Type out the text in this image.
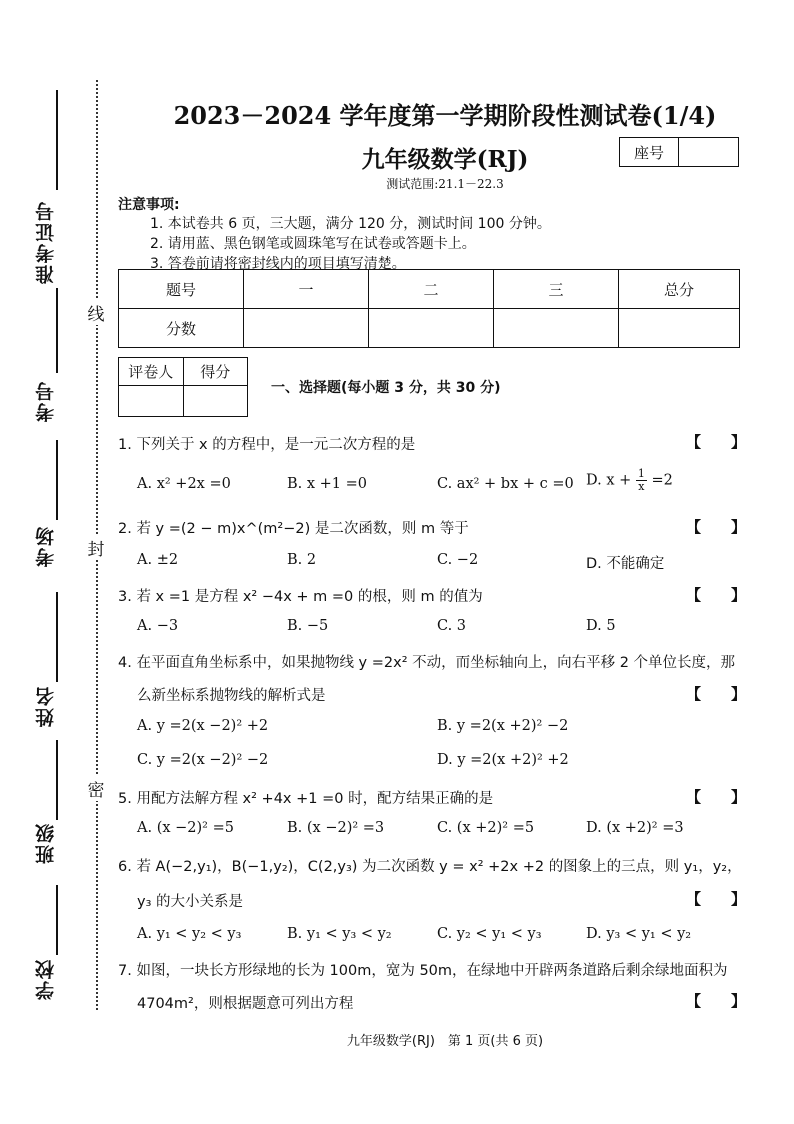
准考证号
考号
考场
姓名
班级
学校
线
封
密
2023－2024 学年度第一学期阶段性测试卷(1/4)
九年级数学(RJ)
测试范围:21.1－22.3
座号
注意事项:
1. 本试卷共 6 页，三大题，满分 120 分，测试时间 100 分钟。
2. 请用蓝、黑色钢笔或圆珠笔写在试卷或答题卡上。
3. 答卷前请将密封线内的项目填写清楚。
题号	一	二	三	总分
分数				
评卷人	得分

一、选择题(每小题 3 分，共 30 分)
1. 下列关于 x 的方程中，是一元二次方程的是	【　　】
A. x² +2x =0	B. x +1 =0	C. ax² + bx + c =0 D. $x + \frac{1}{x} =2$
2. 若 y =(2 − m)x^(m²−2) 是二次函数，则 m 等于	【　　】
A. ±2	B. 2	C. −2	D. 不能确定
3. 若 x =1 是方程 x² −4x + m =0 的根，则 m 的值为	【　　】
A. −3	B. −5	C. 3	D. 5
4. 在平面直角坐标系中，如果抛物线 y =2x² 不动，而坐标轴向上，向右平移 2 个单位长度，那
么新坐标系抛物线的解析式是	【　　】
A. y =2(x −2)² +2	B. y =2(x +2)² −2
C. y =2(x −2)² −2	D. y =2(x +2)² +2
5. 用配方法解方程 x² +4x +1 =0 时，配方结果正确的是	【　　】
A. (x −2)² =5	B. (x −2)² =3	C. (x +2)² =5	D. (x +2)² =3
6. 若 A(−2,y₁)，B(−1,y₂)，C(2,y₃) 为二次函数 y = x² +2x +2 的图象上的三点，则 y₁，y₂，
y₃ 的大小关系是	【　　】
A. y₁ < y₂ < y₃	B. y₁ < y₃ < y₂	C. y₂ < y₁ < y₃	D. y₃ < y₁ < y₂
7. 如图，一块长方形绿地的长为 100m，宽为 50m，在绿地中开辟两条道路后剩余绿地面积为
4704m²，则根据题意可列出方程	【　　】
九年级数学(RJ)　第 1 页(共 6 页)
